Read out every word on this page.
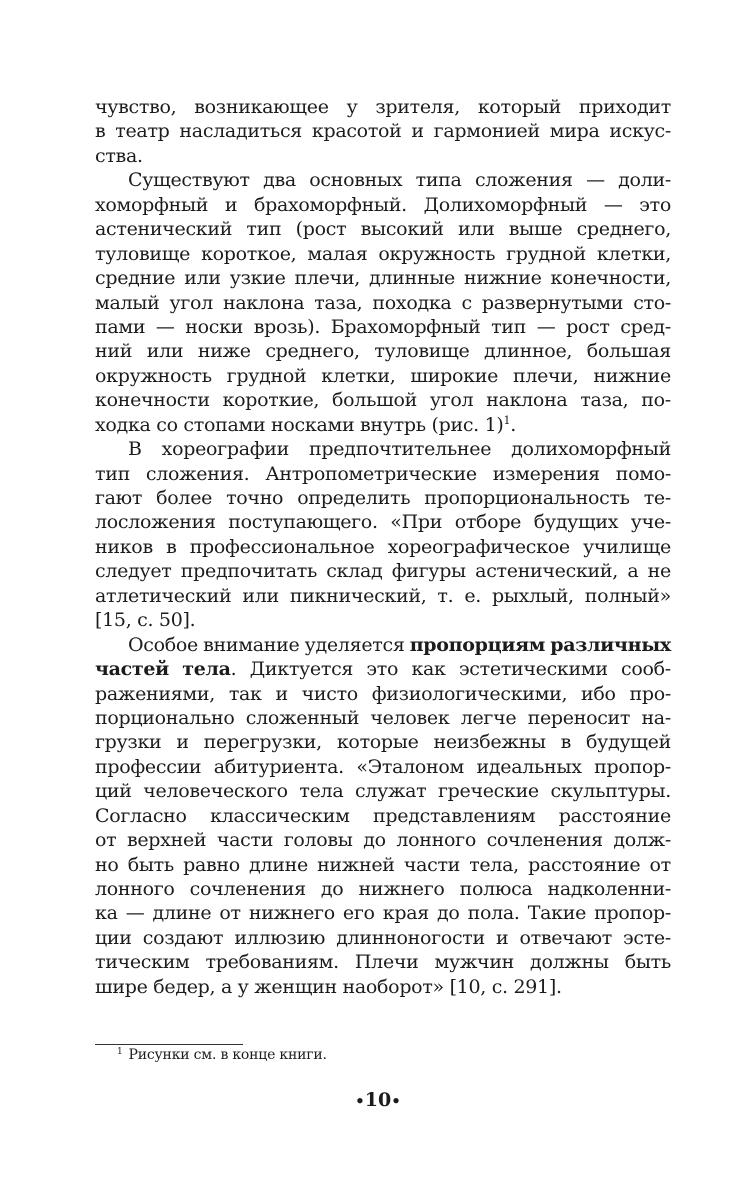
чувство, возникающее у зрителя, который приходит
в театр насладиться красотой и гармонией мира искус-
ства.
Существуют два основных типа сложения — доли-
хоморфный и брахоморфный. Долихоморфный — это
астенический тип (рост высокий или выше среднего,
туловище короткое, малая окружность грудной клетки,
средние или узкие плечи, длинные нижние конечности,
малый угол наклона таза, походка с развернутыми сто-
пами — носки врозь). Брахоморфный тип — рост сред-
ний или ниже среднего, туловище длинное, большая
окружность грудной клетки, широкие плечи, нижние
конечности короткие, большой угол наклона таза, по-
ходка со стопами носками внутрь (рис. 1)$^1$.
В хореографии предпочтительнее долихоморфный
тип сложения. Антропометрические измерения помо-
гают более точно определить пропорциональность те-
лосложения поступающего. «При отборе будущих уче-
ников в профессиональное хореографическое училище
следует предпочитать склад фигуры астенический, а не
атлетический или пикнический, т. е. рыхлый, полный»
[15, с. 50].
Особое внимание уделяется пропорциям различных
частей тела. Диктуется это как эстетическими сооб-
ражениями, так и чисто физиологическими, ибо про-
порционально сложенный человек легче переносит на-
грузки и перегрузки, которые неизбежны в будущей
профессии абитуриента. «Эталоном идеальных пропор-
ций человеческого тела служат греческие скульптуры.
Согласно классическим представлениям расстояние
от верхней части головы до лонного сочленения долж-
но быть равно длине нижней части тела, расстояние от
лонного сочленения до нижнего полюса надколенни-
ка — длине от нижнего его края до пола. Такие пропор-
ции создают иллюзию длинноногости и отвечают эсте-
тическим требованиям. Плечи мужчин должны быть
шире бедер, а у женщин наоборот» [10, с. 291].
$^1$ Рисунки см. в конце книги.
•10•
